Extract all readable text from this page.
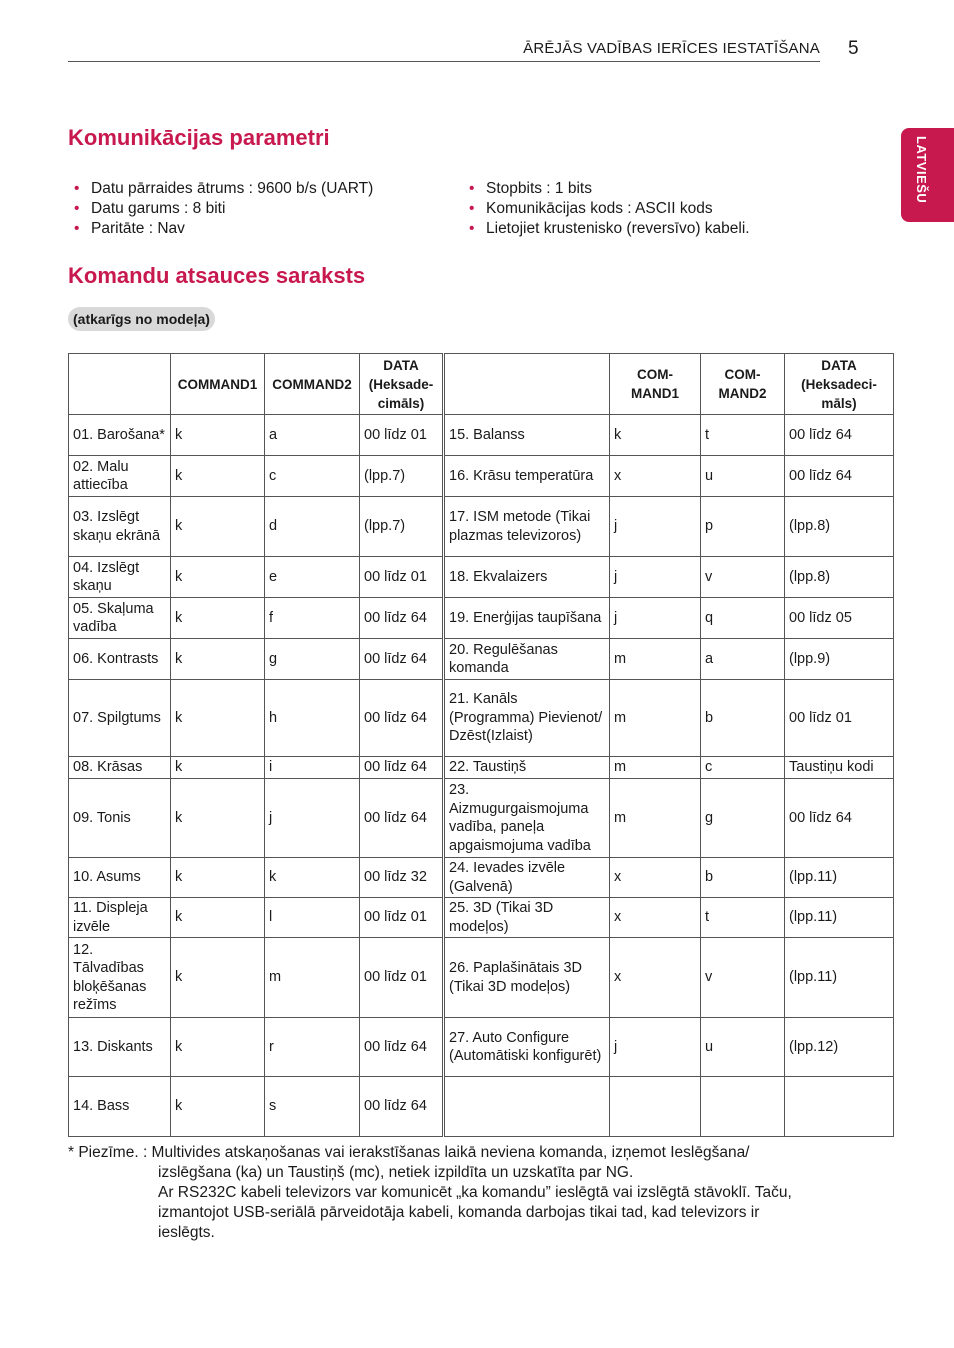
ĀRĒJĀS VADĪBAS IERĪCES IESTATĪŠANA 5
LATVIEŠU
Komunikācijas parametri
• Datu pārraides ātrums : 9600 b/s (UART)
• Datu garums : 8 biti
• Paritāte : Nav
• Stopbits : 1 bits
• Komunikācijas kods : ASCII kods
• Lietojiet krustenisko (reversīvo) kabeli.
Komandu atsauces saraksts
(atkarīgs no modeļa)
	COMMAND1	COMMAND2	DATA (Heksade-cimāls)		COM-MAND1	COM-MAND2	DATA (Heksadeci-māls)
01. Barošana*	k	a	00 līdz 01	15. Balanss	k	t	00 līdz 64
02. Malu attiecība	k	c	(lpp.7)	16. Krāsu temperatūra	x	u	00 līdz 64
03. Izslēgt skaņu ekrānā	k	d	(lpp.7)	17. ISM metode (Tikai plazmas televizoros)	j	p	(lpp.8)
04. Izslēgt skaņu	k	e	00 līdz 01	18. Ekvalaizers	j	v	(lpp.8)
05. Skaļuma vadība	k	f	00 līdz 64	19. Enerģijas taupīšana	j	q	00 līdz 05
06. Kontrasts	k	g	00 līdz 64	20. Regulēšanas komanda	m	a	(lpp.9)
07. Spilgtums	k	h	00 līdz 64	21. Kanāls (Programma) Pievienot/ Dzēst(Izlaist)	m	b	00 līdz 01
08. Krāsas	k	i	00 līdz 64	22. Taustiņš	m	c	Taustiņu kodi
09. Tonis	k	j	00 līdz 64	23. Aizmugurgaismojuma vadība, paneļa apgaismojuma vadība	m	g	00 līdz 64
10. Asums	k	k	00 līdz 32	24. Ievades izvēle (Galvenā)	x	b	(lpp.11)
11. Displeja izvēle	k	l	00 līdz 01	25. 3D (Tikai 3D modeļos)	x	t	(lpp.11)
12. Tālvadības bloķēšanas režīms	k	m	00 līdz 01	26. Paplašinātais 3D (Tikai 3D modeļos)	x	v	(lpp.11)
13. Diskants	k	r	00 līdz 64	27. Auto Configure (Automātiski konfigurēt)	j	u	(lpp.12)
14. Bass	k	s	00 līdz 64				
* Piezīme. : Multivides atskaņošanas vai ierakstīšanas laikā neviena komanda, izņemot Ieslēgšana/
izslēgšana (ka) un Taustiņš (mc), netiek izpildīta un uzskatīta par NG.
Ar RS232C kabeli televizors var komunicēt „ka komandu” ieslēgtā vai izslēgtā stāvoklī. Taču,
izmantojot USB-seriālā pārveidotāja kabeli, komanda darbojas tikai tad, kad televizors ir
ieslēgts.
